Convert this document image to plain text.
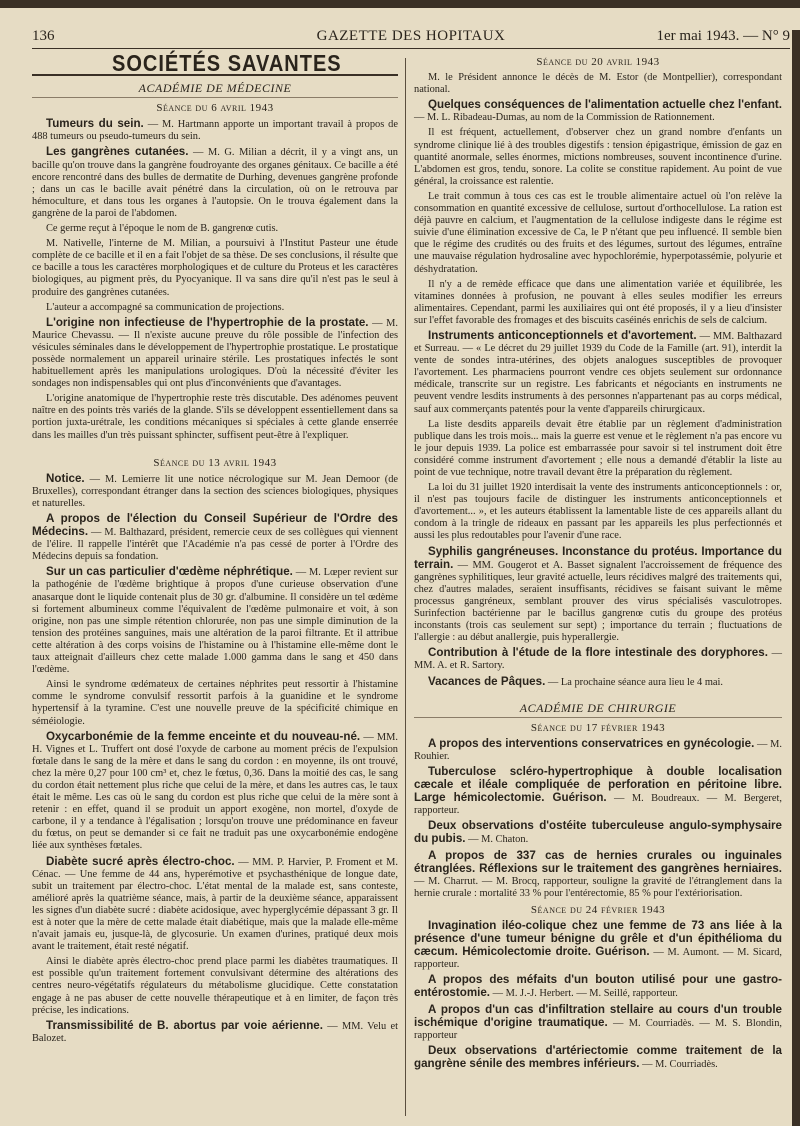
136	GAZETTE DES HOPITAUX	1er mai 1943. — N° 9
SOCIÉTÉS SAVANTES
ACADÉMIE DE MÉDECINE
Séance du 6 avril 1943

Tumeurs du sein. — M. Hartmann apporte un important travail à propos de 488 tumeurs ou pseudo-tumeurs du sein.

Les gangrènes cutanées. — M. G. Milian a décrit, il y a vingt ans, un bacille qu'on trouve dans la gangrène foudroyante des organes génitaux. Ce bacille a été encore rencontré dans des bulles de dermatite de Durhing, devenues gangrène profonde ; dans un cas le bacille avait pénétré dans la circulation, où on le retrouva par hémoculture, et dans tous les organes à l'autopsie. On le trouva également dans la gangrène de la paroi de l'abdomen.

Ce germe reçut à l'époque le nom de B. gangrenœ cutis.

M. Nativelle, l'interne de M. Milian, a poursuivi à l'Institut Pasteur une étude complète de ce bacille et il en a fait l'objet de sa thèse. De ses conclusions, il résulte que ce bacille a tous les caractères morphologiques et de culture du Proteus et les caractères biologiques, au pigment près, du Pyocyanique. Il va sans dire qu'il n'est pas le seul à produire des gangrènes cutanées.

L'auteur a accompagné sa communication de projections.

L'origine non infectieuse de l'hypertrophie de la prostate. — M. Maurice Chevassu. — Il n'existe aucune preuve du rôle possible de l'infection des vésicules séminales dans le développement de l'hypertrophie prostatique. Le prostatique possède normalement un appareil urinaire stérile. Les prostatiques infectés le sont habituellement après les manipulations urologiques. D'où la nécessité d'éviter les sondages non indispensables qui ont plus d'inconvénients que d'avantages.

L'origine anatomique de l'hypertrophie reste très discutable. Des adénomes peuvent naître en des points très variés de la glande. S'ils se développent essentiellement dans sa portion juxta-urétrale, les conditions mécaniques si spéciales à cette glande enserrée dans les mailles d'un très puissant sphincter, suffisent peut-être à l'expliquer.

Séance du 13 avril 1943

Notice. — M. Lemierre lit une notice nécrologique sur M. Jean Demoor (de Bruxelles), correspondant étranger dans la section des sciences biologiques, physiques et naturelles.

A propos de l'élection du Conseil Supérieur de l'Ordre des Médecins. — M. Balthazard, président, remercie ceux de ses collègues qui viennent de l'élire. Il rappelle l'intérêt que l'Académie n'a pas cessé de porter à l'Ordre des Médecins depuis sa fondation.

Sur un cas particulier d'œdème néphrétique. — M. Lœper revient sur la pathogénie de l'œdème brightique à propos d'une curieuse observation d'une anasarque dont le liquide contenait plus de 30 gr. d'albumine. Il considère un tel œdème si fortement albumineux comme l'équivalent de l'œdème pulmonaire et voit, à son origine, non pas une simple rétention chlorurée, non pas une simple diminution de la tension des protéines sanguines, mais une altération de la paroi filtrante. Et il attribue cette altération à des corps voisins de l'histamine ou à l'histamine elle-même dont le taux atteignait d'ailleurs chez cette malade 1.000 gamma dans le sang et 450 dans l'œdème.

Ainsi le syndrome œdémateux de certaines néphrites peut ressortir à l'histamine comme le syndrome convulsif ressortit parfois à la guanidine et le syndrome hypertensif à la tyramine. C'est une nouvelle preuve de la spécificité chimique en séméiologie.

Oxycarbonémie de la femme enceinte et du nouveau-né. — MM. H. Vignes et L. Truffert ont dosé l'oxyde de carbone au moment précis de l'expulsion fœtale dans le sang de la mère et dans le sang du cordon : en moyenne, ils ont trouvé, chez la mère 0,27 pour 100 cm³ et, chez le fœtus, 0,36. Dans la moitié des cas, le sang du cordon était nettement plus riche que celui de la mère, et dans les autres cas, le taux était le même. Les cas où le sang du cordon est plus riche que celui de la mère sont à retenir : en effet, quand il se produit un apport exogène, non mortel, d'oxyde de carbone, il y a tendance à l'égalisation ; lorsqu'on trouve une prédominance en faveur du fœtus, on peut se demander si ce fait ne traduit pas une oxycarbonémie endogène liée aux synthèses fœtales.

Diabète sucré après électro-choc. — MM. P. Harvier, P. Froment et M. Cénac. — Une femme de 44 ans, hyperémotive et psychasthénique de longue date, subit un traitement par électro-choc. L'état mental de la malade est, sans conteste, amélioré après la quatrième séance, mais, à partir de la deuxième séance, apparaissent les signes d'un diabète sucré : diabète acidosique, avec hyperglycémie dépassant 3 gr. Il est à noter que la mère de cette malade était diabétique, mais que la malade elle-même n'avait jamais eu, jusque-là, de glycosurie. Un examen d'urines, pratiqué deux mois avant le traitement, était resté négatif.

Ainsi le diabète après électro-choc prend place parmi les diabètes traumatiques. Il est possible qu'un traitement fortement convulsivant détermine des altérations des centres neuro-végétatifs régulateurs du métabolisme glucidique. Cette constatation engage à ne pas abuser de cette nouvelle thérapeutique et à en limiter, de façon très précise, les indications.

Transmissibilité de B. abortus par voie aérienne. — MM. Velu et Balozet.

Séance du 20 avril 1943

M. le Président annonce le décès de M. Estor (de Montpellier), correspondant national.

Quelques conséquences de l'alimentation actuelle chez l'enfant. — M. L. Ribadeau-Dumas, au nom de la Commission de Rationnement.

Il est fréquent, actuellement, d'observer chez un grand nombre d'enfants un syndrome clinique lié à des troubles digestifs : tension épigastrique, émission de gaz en quantité anormale, selles énormes, mictions nombreuses, souvent incontinence d'urine. L'abdomen est gros, tendu, sonore. La colite se constitue rapidement. Au point de vue général, la croissance est ralentie.

Le trait commun à tous ces cas est le trouble alimentaire actuel où l'on relève la consommation en quantité excessive de cellulose, surtout d'orthocellulose. La ration est déjà pauvre en calcium, et l'augmentation de la cellulose indigeste dans le régime est suivie d'une élimination excessive de Ca, le P n'étant que peu influencé. Il semble bien que le régime des crudités ou des fruits et des légumes, surtout des légumes, entraîne une mauvaise régulation hydrosaline avec hypochlorémie, hyperpotassémie, polyurie et déshydratation.

Il n'y a de remède efficace que dans une alimentation variée et équilibrée, les vitamines données à profusion, ne pouvant à elles seules modifier les erreurs alimentaires. Cependant, parmi les auxiliaires qui ont été proposés, il y a lieu d'insister sur l'effet favorable des fromages et des biscuits caséinés enrichis de sels de calcium.

Instruments anticonceptionnels et d'avortement. — MM. Balthazard et Surreau. — « Le décret du 29 juillet 1939 du Code de la Famille (art. 91), interdit la vente de sondes intra-utérines, des objets analogues susceptibles de provoquer l'avortement. Les pharmaciens pourront vendre ces objets seulement sur ordonnance médicale, transcrite sur un registre. Les fabricants et négociants en instruments ne peuvent vendre lesdits instruments à des personnes n'appartenant pas au corps médical, sauf aux commerçants patentés pour la vente d'appareils chirurgicaux.

La liste desdits appareils devait être établie par un règlement d'administration publique dans les trois mois... mais la guerre est venue et le règlement n'a pas encore vu le jour depuis 1939. La police est embarrassée pour savoir si tel instrument doit être considéré comme instrument d'avortement ; elle nous a demandé d'établir la liste au point de vue technique, notre travail devant être la préparation du règlement.

La loi du 31 juillet 1920 interdisait la vente des instruments anticonceptionnels : or, il n'est pas toujours facile de distinguer les instruments anticonceptionnels et d'avortement... », et les auteurs établissent la lamentable liste de ces appareils allant du condom à la tringle de rideaux en passant par les appareils les plus perfectionnés et aussi les plus redoutables pour l'avenir d'une race.

Syphilis gangréneuses. Inconstance du protéus. Importance du terrain. — MM. Gougerot et A. Basset signalent l'accroissement de fréquence des gangrènes syphilitiques, leur gravité actuelle, leurs récidives malgré des traitements qui, chez d'autres malades, seraient insuffisants, récidives se faisant suivant le même processus gangréneux, semblant prouver des virus spécialisés vasculotropes. Surinfection bactérienne par le bacillus gangrenœ cutis du groupe des protéus inconstants (trois cas seulement sur sept) ; importance du terrain ; fluctuations de l'allergie : au début anallergie, puis hyperallergie.

Contribution à l'étude de la flore intestinale des doryphores. — MM. A. et R. Sartory.

Vacances de Pâques. — La prochaine séance aura lieu le 4 mai.

ACADÉMIE DE CHIRURGIE
Séance du 17 février 1943

A propos des interventions conservatrices en gynécologie. — M. Rouhier.

Tuberculose scléro-hypertrophique à double localisation cæcale et iléale compliquée de perforation en péritoine libre. Large hémicolectomie. Guérison. — M. Boudreaux. — M. Bergeret, rapporteur.

Deux observations d'ostéite tuberculeuse angulo-symphysaire du pubis. — M. Chaton.

A propos de 337 cas de hernies crurales ou inguinales étranglées. Réflexions sur le traitement des gangrènes herniaires. — M. Charrut. — M. Brocq, rapporteur, souligne la gravité de l'étranglement dans la hernie crurale : mortalité 33 % pour l'entérectomie, 85 % pour l'extériorisation.

Séance du 24 février 1943

Invagination iléo-colique chez une femme de 73 ans liée à la présence d'une tumeur bénigne du grêle et d'un épithélioma du cæcum. Hémicolectomie droite. Guérison. — M. Aumont. — M. Sicard, rapporteur.

A propos des méfaits d'un bouton utilisé pour une gastro-entérostomie. — M. J.-J. Herbert. — M. Seillé, rapporteur.

A propos d'un cas d'infiltration stellaire au cours d'un trouble ischémique d'origine traumatique. — M. Courriadès. — M. S. Blondin, rapporteur

Deux observations d'artériectomie comme traitement de la gangrène sénile des membres inférieurs. — M. Courriadès.
